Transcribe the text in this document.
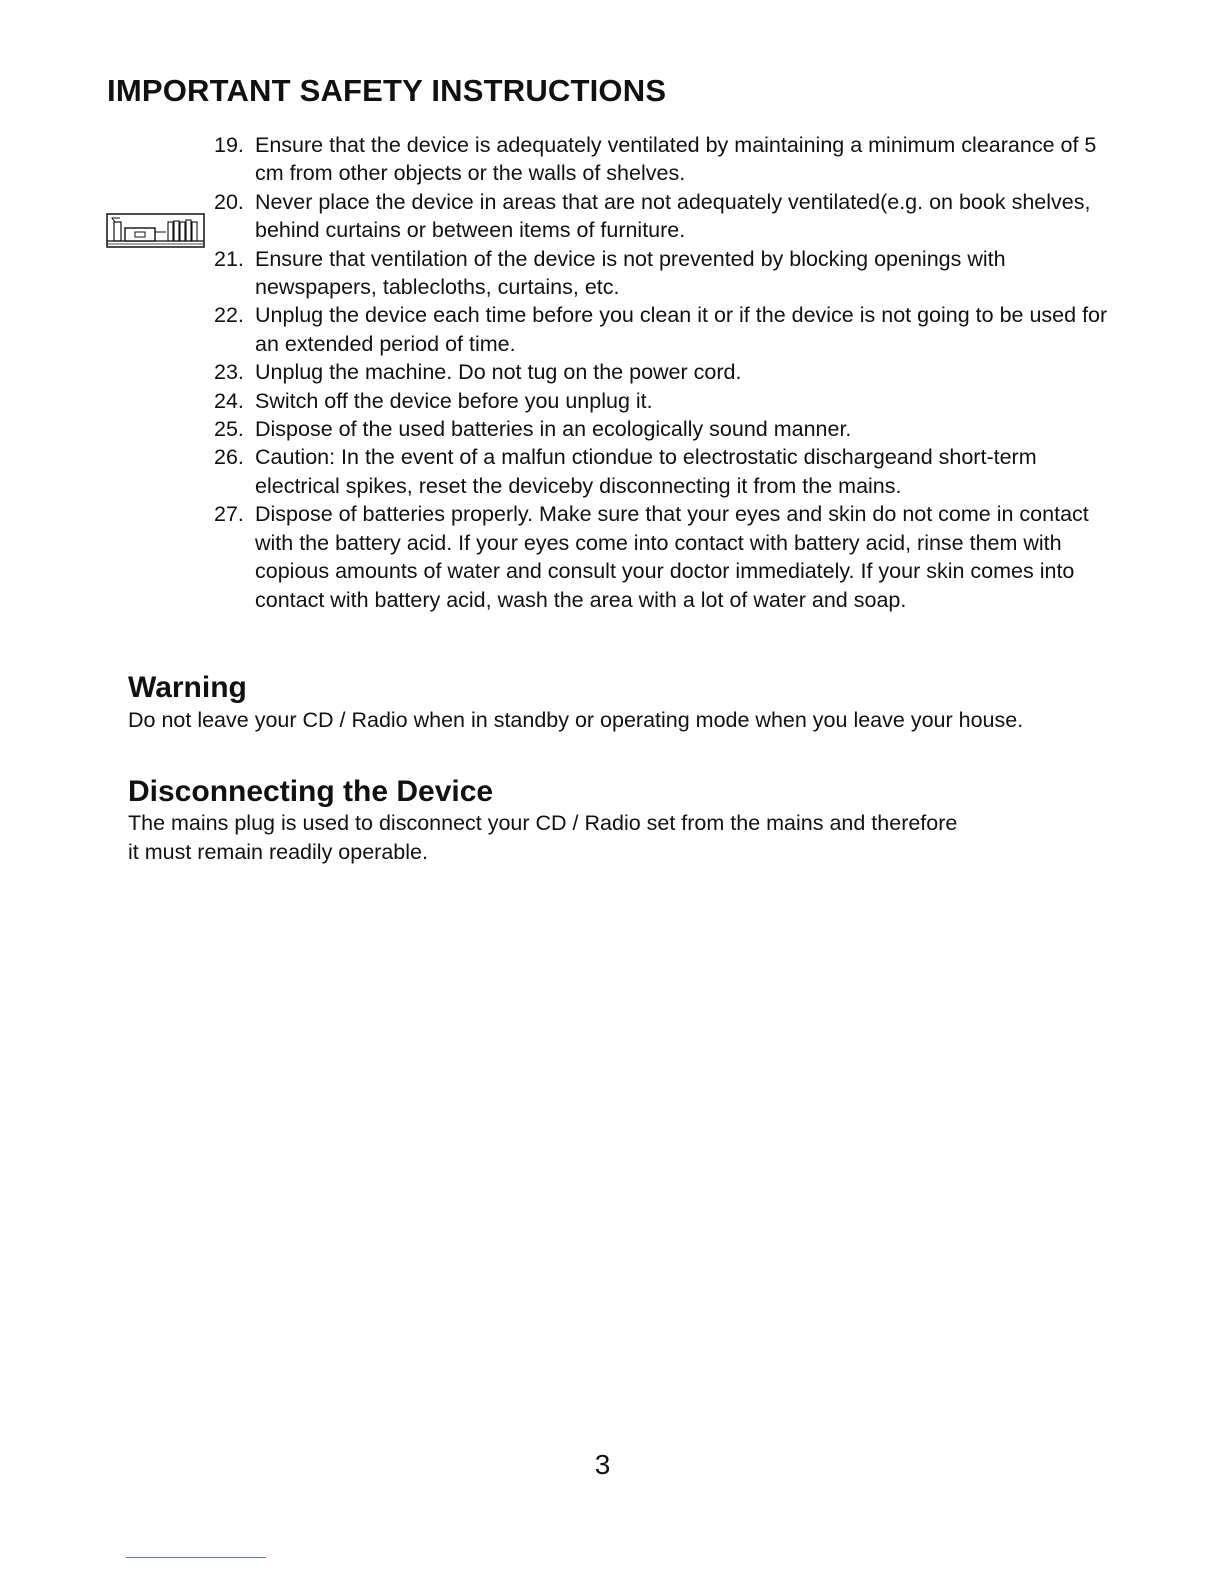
IMPORTANT SAFETY INSTRUCTIONS
19. Ensure that the device is adequately ventilated by maintaining a minimum clearance of 5 cm from other objects or the walls of shelves.
20. Never place the device in areas that are not adequately ventilated(e.g. on book shelves, behind curtains or between items of furniture.
21. Ensure that ventilation of the device is not prevented by blocking openings with newspapers, tablecloths, curtains, etc.
22. Unplug the device each time before you clean it or if the device is not going to be used for an extended period of time.
23. Unplug the machine. Do not tug on the power cord.
24. Switch off the device before you unplug it.
25. Dispose of the used batteries in an ecologically sound manner.
26. Caution: In the event of a malfun ctiondue to electrostatic dischargeand short-term electrical spikes, reset the deviceby disconnecting it from the mains.
27. Dispose of batteries properly. Make sure that your eyes and skin do not come in contact with the battery acid. If your eyes come into contact with battery acid, rinse them with copious amounts of water and consult your doctor immediately. If your skin comes into contact with battery acid, wash the area with a lot of water and soap.
Warning

Do not leave your CD / Radio when in standby or operating mode when you leave your house.

Disconnecting the Device
The mains plug is used to disconnect your CD / Radio set from the mains and therefore
it must remain readily operable.
3
